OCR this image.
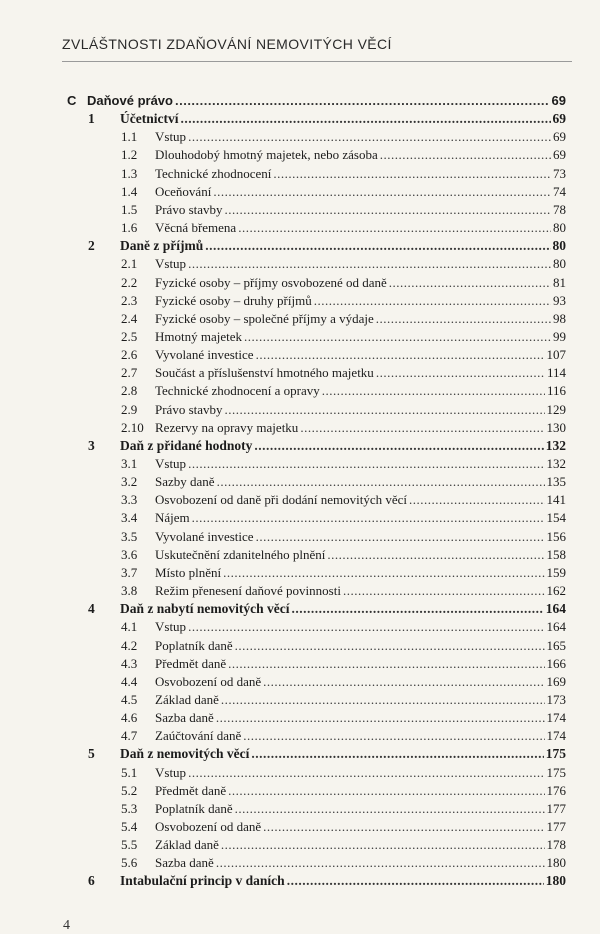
ZVLÁŠTNOSTI ZDAŇOVÁNÍ NEMOVITÝCH VĚCÍ
C Daňové právo .....	69
1 Účetnictví .....	69
1.1 Vstup .....	69
1.2 Dlouhodobý hmotný majetek, nebo zásoba .....	69
1.3 Technické zhodnocení .....	73
1.4 Oceňování .....	74
1.5 Právo stavby .....	78
1.6 Věcná břemena .....	80
2 Daně z příjmů .....	80
2.1 Vstup .....	80
2.2 Fyzické osoby – příjmy osvobozené od daně .....	81
2.3 Fyzické osoby – druhy příjmů .....	93
2.4 Fyzické osoby – společné příjmy a výdaje .....	98
2.5 Hmotný majetek .....	99
2.6 Vyvolané investice .....	107
2.7 Součást a příslušenství hmotného majetku .....	114
2.8 Technické zhodnocení a opravy .....	116
2.9 Právo stavby .....	129
2.10 Rezervy na opravy majetku .....	130
3 Daň z přidané hodnoty .....	132
3.1 Vstup .....	132
3.2 Sazby daně .....	135
3.3 Osvobození od daně při dodání nemovitých věcí .....	141
3.4 Nájem .....	154
3.5 Vyvolané investice .....	156
3.6 Uskutečnění zdanitelného plnění .....	158
3.7 Místo plnění .....	159
3.8 Režim přenesení daňové povinnosti .....	162
4 Daň z nabytí nemovitých věcí .....	164
4.1 Vstup .....	164
4.2 Poplatník daně .....	165
4.3 Předmět daně .....	166
4.4 Osvobození od daně .....	169
4.5 Základ daně .....	173
4.6 Sazba daně .....	174
4.7 Zaúčtování daně .....	174
5 Daň z nemovitých věcí .....	175
5.1 Vstup .....	175
5.2 Předmět daně .....	176
5.3 Poplatník daně .....	177
5.4 Osvobození od daně .....	177
5.5 Základ daně .....	178
5.6 Sazba daně .....	180
6 Intabulační princip v daních .....	180
4
